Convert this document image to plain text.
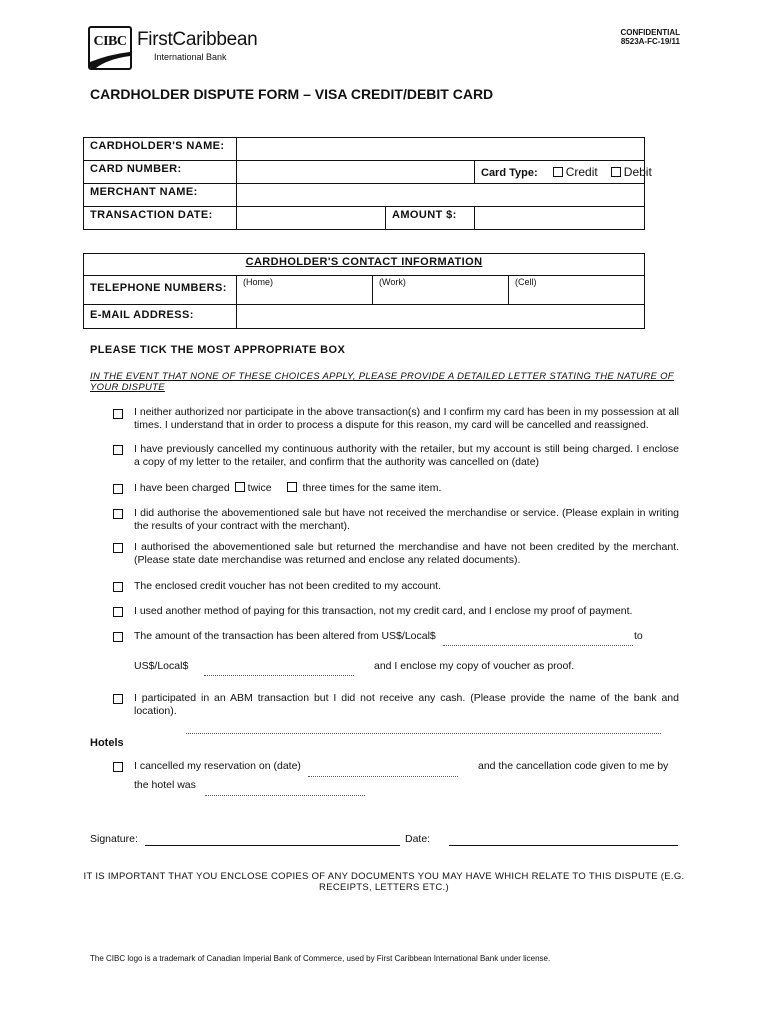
CIBC FirstCaribbean
International Bank
CONFIDENTIAL
8523A-FC-19/11
CARDHOLDER DISPUTE FORM – VISA CREDIT/DEBIT CARD
CARDHOLDER'S NAME:			
CARD NUMBER:			Card Type: Credit Debit
MERCHANT NAME:			
TRANSACTION DATE:		AMOUNT $:	
CARDHOLDER'S CONTACT INFORMATION			
TELEPHONE NUMBERS:	(Home)	(Work)	(Cell)
E-MAIL ADDRESS:			
PLEASE TICK THE MOST APPROPRIATE BOX
IN THE EVENT THAT NONE OF THESE CHOICES APPLY, PLEASE PROVIDE A DETAILED LETTER STATING THE NATURE OF YOUR DISPUTE
I neither authorized nor participate in the above transaction(s) and I confirm my card has been in my possession at all times. I understand that in order to process a dispute for this reason, my card will be cancelled and reassigned.
I have previously cancelled my continuous authority with the retailer, but my account is still being charged. I enclose a copy of my letter to the retailer, and confirm that the authority was cancelled on (date)
I have been charged twice	three times for the same item.
I did authorise the abovementioned sale but have not received the merchandise or service. (Please explain in writing the results of your contract with the merchant).
I authorised the abovementioned sale but returned the merchandise and have not been credited by the merchant. (Please state date merchandise was returned and enclose any related documents).
The enclosed credit voucher has not been credited to my account.
I used another method of paying for this transaction, not my credit card, and I enclose my proof of payment.
The amount of the transaction has been altered from US$/Local$	to
US$/Local$	and I enclose my copy of voucher as proof.
I participated in an ABM transaction but I did not receive any cash. (Please provide the name of the bank and location).
Hotels
I cancelled my reservation on (date)	and the cancellation code given to me by
the hotel was
Signature:	Date:
IT IS IMPORTANT THAT YOU ENCLOSE COPIES OF ANY DOCUMENTS YOU MAY HAVE WHICH RELATE TO THIS DISPUTE (E.G. RECEIPTS, LETTERS ETC.)
The CIBC logo is a trademark of Canadian Imperial Bank of Commerce, used by First Caribbean International Bank under license.
